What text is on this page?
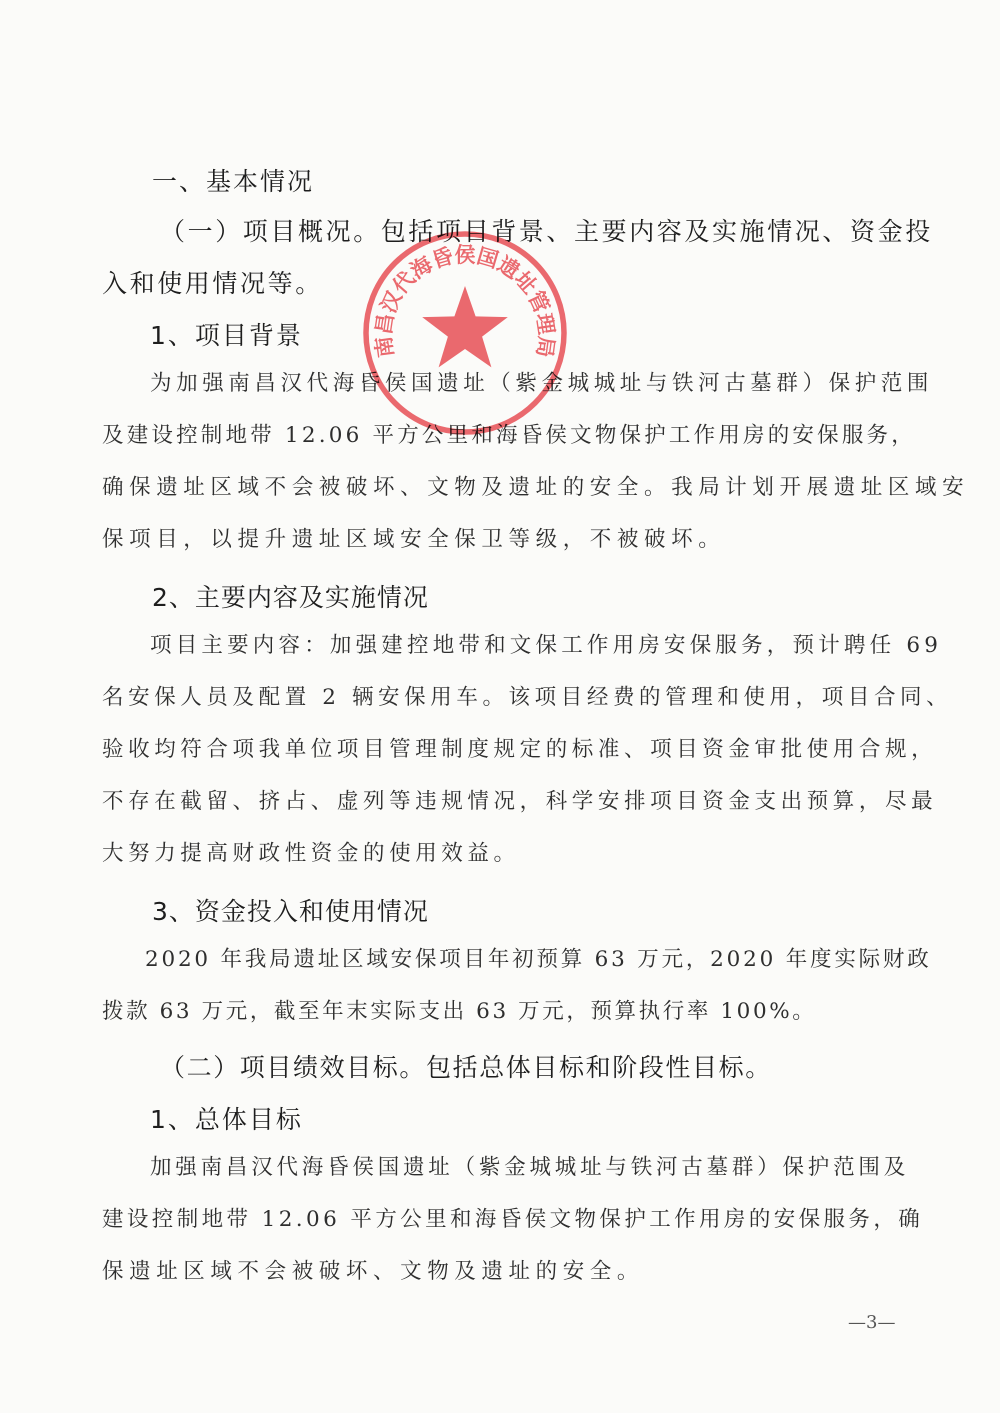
一、基本情况
（一）项目概况。包括项目背景、主要内容及实施情况、资金投
入和使用情况等。
1、项目背景
为加强南昌汉代海昏侯国遗址（紫金城城址与铁河古墓群）保护范围
及建设控制地带 12.06 平方公里和海昏侯文物保护工作用房的安保服务，
确保遗址区域不会被破坏、文物及遗址的安全。我局计划开展遗址区域安
保项目，以提升遗址区域安全保卫等级，不被破坏。
2、主要内容及实施情况
项目主要内容：加强建控地带和文保工作用房安保服务，预计聘任 69
名安保人员及配置 2 辆安保用车。该项目经费的管理和使用，项目合同、
验收均符合项我单位项目管理制度规定的标准、项目资金审批使用合规，
不存在截留、挤占、虚列等违规情况，科学安排项目资金支出预算，尽最
大努力提高财政性资金的使用效益。
3、资金投入和使用情况
2020 年我局遗址区域安保项目年初预算 63 万元，2020 年度实际财政
拨款 63 万元，截至年末实际支出 63 万元，预算执行率 100%。
（二）项目绩效目标。包括总体目标和阶段性目标。
1、总体目标
加强南昌汉代海昏侯国遗址（紫金城城址与铁河古墓群）保护范围及
建设控制地带 12.06 平方公里和海昏侯文物保护工作用房的安保服务，确
保遗址区域不会被破坏、文物及遗址的安全。
南昌汉代海昏侯国遗址管理局
—3—
